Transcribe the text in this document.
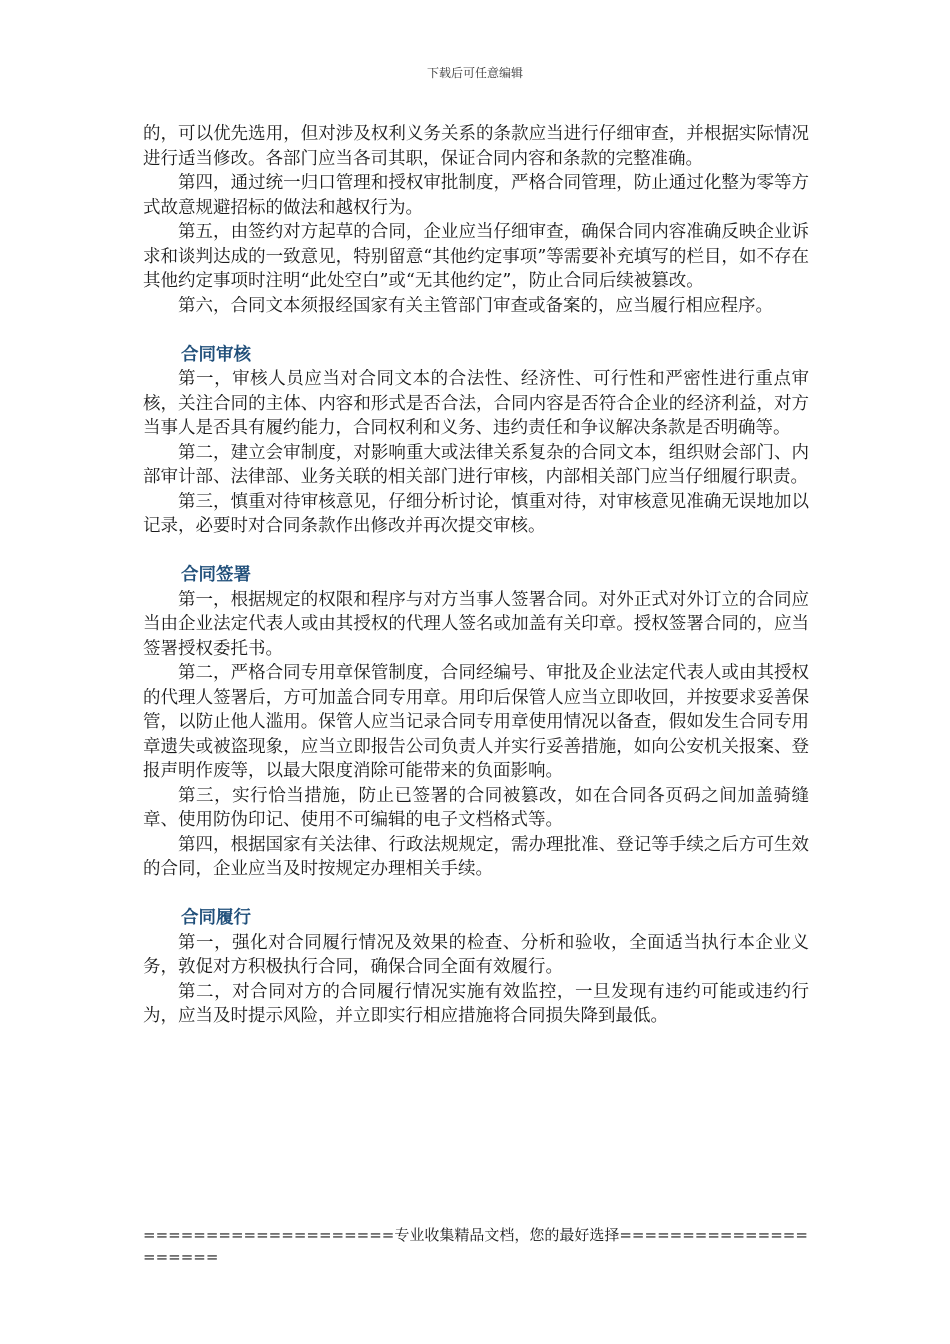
下载后可任意编辑

的，可以优先选用，但对涉及权利义务关系的条款应当进行仔细审查，并根据实际情况进行适当修改。各部门应当各司其职，保证合同内容和条款的完整准确。

第四，通过统一归口管理和授权审批制度，严格合同管理，防止通过化整为零等方式故意规避招标的做法和越权行为。

第五，由签约对方起草的合同，企业应当仔细审查，确保合同内容准确反映企业诉求和谈判达成的一致意见，特别留意“其他约定事项”等需要补充填写的栏目，如不存在其他约定事项时注明“此处空白”或“无其他约定”，防止合同后续被篡改。

第六，合同文本须报经国家有关主管部门审查或备案的，应当履行相应程序。

合同审核

第一，审核人员应当对合同文本的合法性、经济性、可行性和严密性进行重点审核，关注合同的主体、内容和形式是否合法，合同内容是否符合企业的经济利益，对方当事人是否具有履约能力，合同权利和义务、违约责任和争议解决条款是否明确等。

第二，建立会审制度，对影响重大或法律关系复杂的合同文本，组织财会部门、内部审计部、法律部、业务关联的相关部门进行审核，内部相关部门应当仔细履行职责。

第三，慎重对待审核意见，仔细分析讨论，慎重对待，对审核意见准确无误地加以记录，必要时对合同条款作出修改并再次提交审核。

合同签署

第一，根据规定的权限和程序与对方当事人签署合同。对外正式对外订立的合同应当由企业法定代表人或由其授权的代理人签名或加盖有关印章。授权签署合同的，应当签署授权委托书。

第二，严格合同专用章保管制度，合同经编号、审批及企业法定代表人或由其授权的代理人签署后，方可加盖合同专用章。用印后保管人应当立即收回，并按要求妥善保管，以防止他人滥用。保管人应当记录合同专用章使用情况以备查，假如发生合同专用章遗失或被盗现象，应当立即报告公司负责人并实行妥善措施，如向公安机关报案、登报声明作废等，以最大限度消除可能带来的负面影响。

第三，实行恰当措施，防止已签署的合同被篡改，如在合同各页码之间加盖骑缝章、使用防伪印记、使用不可编辑的电子文档格式等。

第四，根据国家有关法律、行政法规规定，需办理批准、登记等手续之后方可生效的合同，企业应当及时按规定办理相关手续。

合同履行

第一，强化对合同履行情况及效果的检查、分析和验收，全面适当执行本企业义务，敦促对方积极执行合同，确保合同全面有效履行。

第二，对合同对方的合同履行情况实施有效监控，一旦发现有违约可能或违约行为，应当及时提示风险，并立即实行相应措施将合同损失降到最低。

====================专业收集精品文档，您的最好选择=====================
